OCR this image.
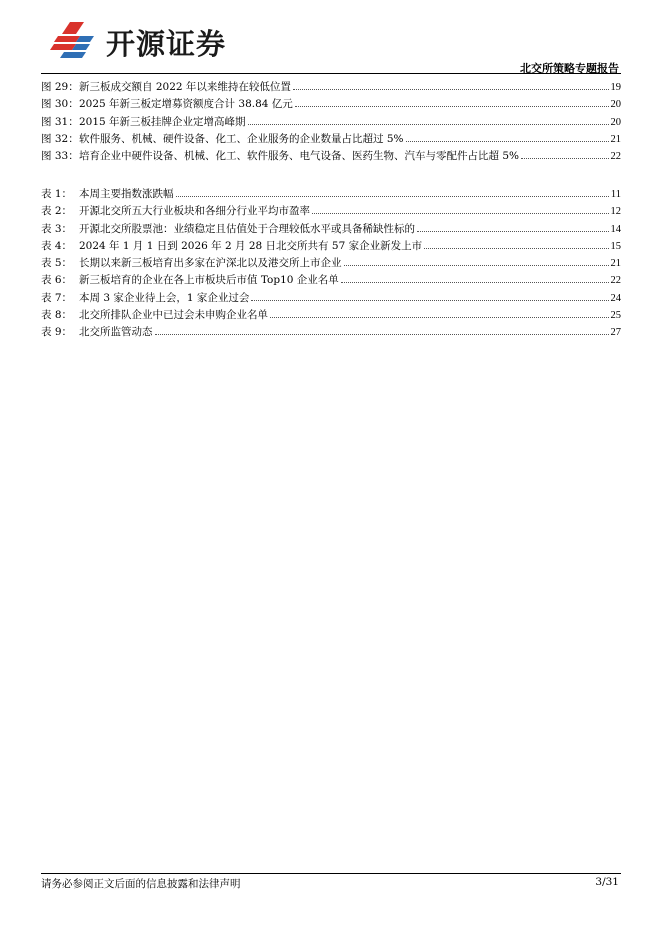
开源证券
北交所策略专题报告
图 29： 新三板成交额自 2022 年以来维持在较低位置	19
图 30： 2025 年新三板定增募资额度合计 38.84 亿元	20
图 31： 2015 年新三板挂牌企业定增高峰期	20
图 32： 软件服务、机械、硬件设备、化工、企业服务的企业数量占比超过 5%	21
图 33： 培育企业中硬件设备、机械、化工、软件服务、电气设备、医药生物、汽车与零配件占比超 5%	22
表 1： 本周主要指数涨跌幅	11
表 2： 开源北交所五大行业板块和各细分行业平均市盈率	12
表 3： 开源北交所股票池：业绩稳定且估值处于合理较低水平或具备稀缺性标的	14
表 4： 2024 年 1 月 1 日到 2026 年 2 月 28 日北交所共有 57 家企业新发上市	15
表 5： 长期以来新三板培育出多家在沪深北以及港交所上市企业	21
表 6： 新三板培育的企业在各上市板块后市值 Top10 企业名单	22
表 7： 本周 3 家企业待上会，1 家企业过会	24
表 8： 北交所排队企业中已过会未申购企业名单	25
表 9： 北交所监管动态	27
请务必参阅正文后面的信息披露和法律声明	3/31
